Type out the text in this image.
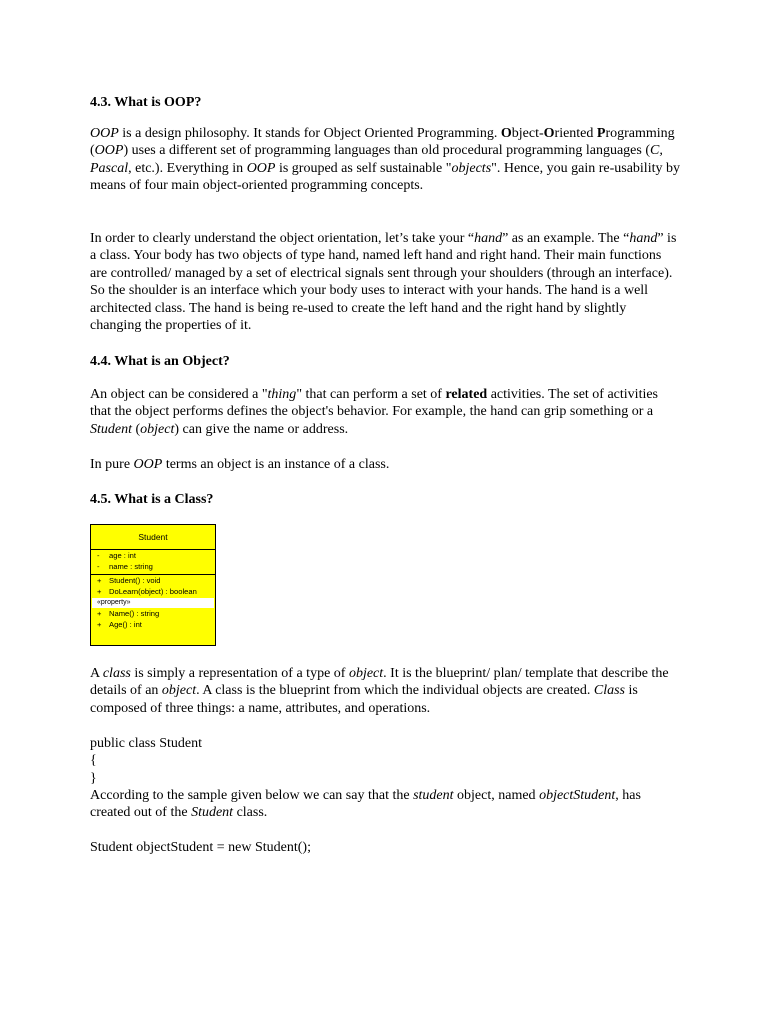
4.3. What is OOP?

OOP is a design philosophy. It stands for Object Oriented Programming. Object-Oriented Programming (OOP) uses a different set of programming languages than old procedural programming languages (C, Pascal, etc.). Everything in OOP is grouped as self sustainable "objects". Hence, you gain re-usability by means of four main object-oriented programming concepts.

In order to clearly understand the object orientation, let’s take your “hand” as an example. The “hand” is a class. Your body has two objects of type hand, named left hand and right hand. Their main functions are controlled/ managed by a set of electrical signals sent through your shoulders (through an interface). So the shoulder is an interface which your body uses to interact with your hands. The hand is a well architected class. The hand is being re-used to create the left hand and the right hand by slightly changing the properties of it.

4.4. What is an Object?

An object can be considered a "thing" that can perform a set of related activities. The set of activities that the object performs defines the object's behavior. For example, the hand can grip something or a Student (object) can give the name or address.

In pure OOP terms an object is an instance of a class.

4.5. What is a Class?
Student
- age : int
- name : string
+ Student() : void
+ DoLearn(object) : boolean
«property»
+ Name() : string
+ Age() : int

A class is simply a representation of a type of object. It is the blueprint/ plan/ template that describe the details of an object. A class is the blueprint from which the individual objects are created. Class is composed of three things: a name, attributes, and operations.

public class Student
{
}

According to the sample given below we can say that the student object, named objectStudent, has created out of the Student class.

Student objectStudent = new Student();
